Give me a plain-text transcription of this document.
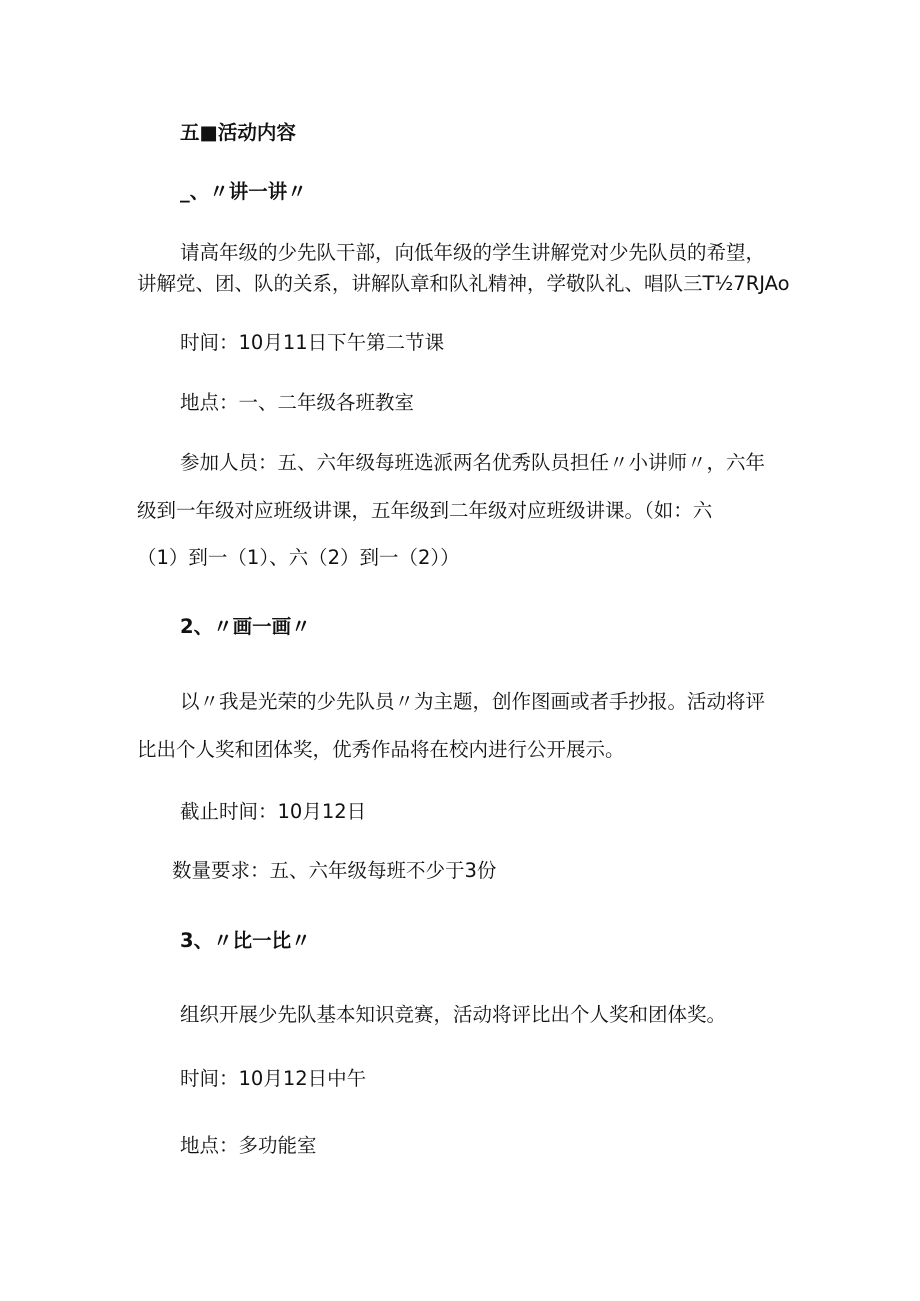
五■活动内容
_、〃讲一讲〃
请高年级的少先队干部，向低年级的学生讲解党对少先队员的希望，
讲解党、团、队的关系，讲解队章和队礼精神，学敬队礼、唱队三T½7RJAo
时间：10月11日下午第二节课
地点：一、二年级各班教室
参加人员：五、六年级每班选派两名优秀队员担任〃小讲师〃，六年
级到一年级对应班级讲课，五年级到二年级对应班级讲课。（如：六
（1）到一（1）、六（2）到一（2））
2、〃画一画〃
以〃我是光荣的少先队员〃为主题，创作图画或者手抄报。活动将评
比出个人奖和团体奖，优秀作品将在校内进行公开展示。
截止时间：10月12日
数量要求：五、六年级每班不少于3份
3、〃比一比〃
组织开展少先队基本知识竞赛，活动将评比出个人奖和团体奖。
时间：10月12日中午
地点：多功能室
